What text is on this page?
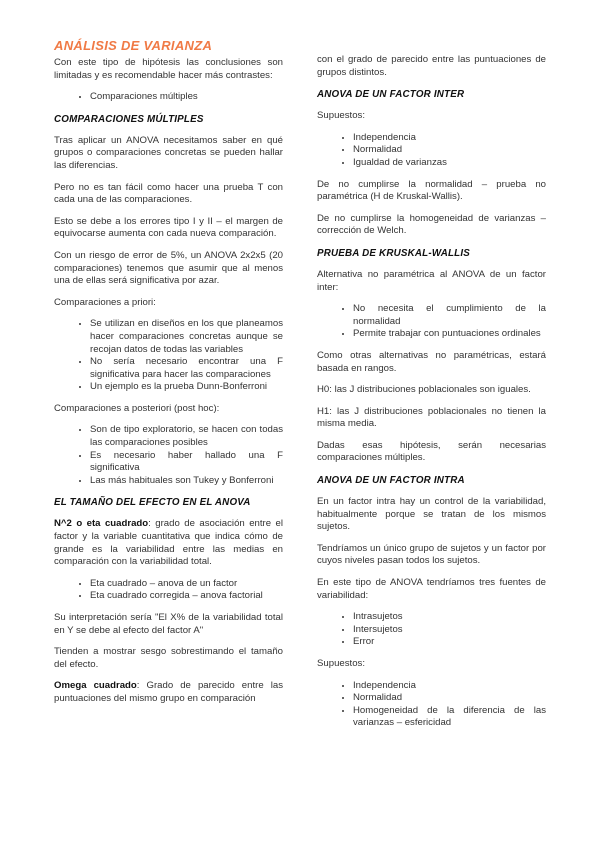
ANÁLISIS DE VARIANZA

Con este tipo de hipótesis las conclusiones son limitadas y es recomendable hacer más contrastes:

• Comparaciones múltiples
COMPARACIONES MÚLTIPLES

Tras aplicar un ANOVA necesitamos saber en qué grupos o comparaciones concretas se pueden hallar las diferencias.

Pero no es tan fácil como hacer una prueba T con cada una de las comparaciones.

Esto se debe a los errores tipo I y II – el margen de equivocarse aumenta con cada nueva comparación.

Con un riesgo de error de 5%, un ANOVA 2x2x5 (20 comparaciones) tenemos que asumir que al menos una de ellas será significativa por azar.

Comparaciones a priori:

• Se utilizan en diseños en los que planeamos hacer comparaciones concretas aunque se recojan datos de todas las variables
• No sería necesario encontrar una F significativa para hacer las comparaciones
• Un ejemplo es la prueba Dunn-Bonferroni

Comparaciones a posteriori (post hoc):

• Son de tipo exploratorio, se hacen con todas las comparaciones posibles
• Es necesario haber hallado una F significativa
• Las más habituales son Tukey y Bonferroni
EL TAMAÑO DEL EFECTO EN EL ANOVA

N^2 o eta cuadrado: grado de asociación entre el factor y la variable cuantitativa que indica cómo de grande es la variabilidad entre las medias en comparación con la variabilidad total.

• Eta cuadrado – anova de un factor
• Eta cuadrado corregida – anova factorial

Su interpretación sería "El X% de la variabilidad total en Y se debe al efecto del factor A"

Tienden a mostrar sesgo sobrestimando el tamaño del efecto.

Omega cuadrado: Grado de parecido entre las puntuaciones del mismo grupo en comparación

con el grado de parecido entre las puntuaciones de grupos distintos.

ANOVA DE UN FACTOR INTER

Supuestos:

• Independencia
• Normalidad
• Igualdad de varianzas

De no cumplirse la normalidad – prueba no paramétrica (H de Kruskal-Wallis).

De no cumplirse la homogeneidad de varianzas – corrección de Welch.

PRUEBA DE KRUSKAL-WALLIS

Alternativa no paramétrica al ANOVA de un factor inter:

• No necesita el cumplimiento de la normalidad
• Permite trabajar con puntuaciones ordinales

Como otras alternativas no paramétricas, estará basada en rangos.

H0: las J distribuciones poblacionales son iguales.

H1: las J distribuciones poblacionales no tienen la misma media.

Dadas esas hipótesis, serán necesarias comparaciones múltiples.

ANOVA DE UN FACTOR INTRA

En un factor intra hay un control de la variabilidad, habitualmente porque se tratan de los mismos sujetos.

Tendríamos un único grupo de sujetos y un factor por cuyos niveles pasan todos los sujetos.

En este tipo de ANOVA tendríamos tres fuentes de variabilidad:

• Intrasujetos
• Intersujetos
• Error

Supuestos:

• Independencia
• Normalidad
• Homogeneidad de la diferencia de las varianzas – esfericidad
